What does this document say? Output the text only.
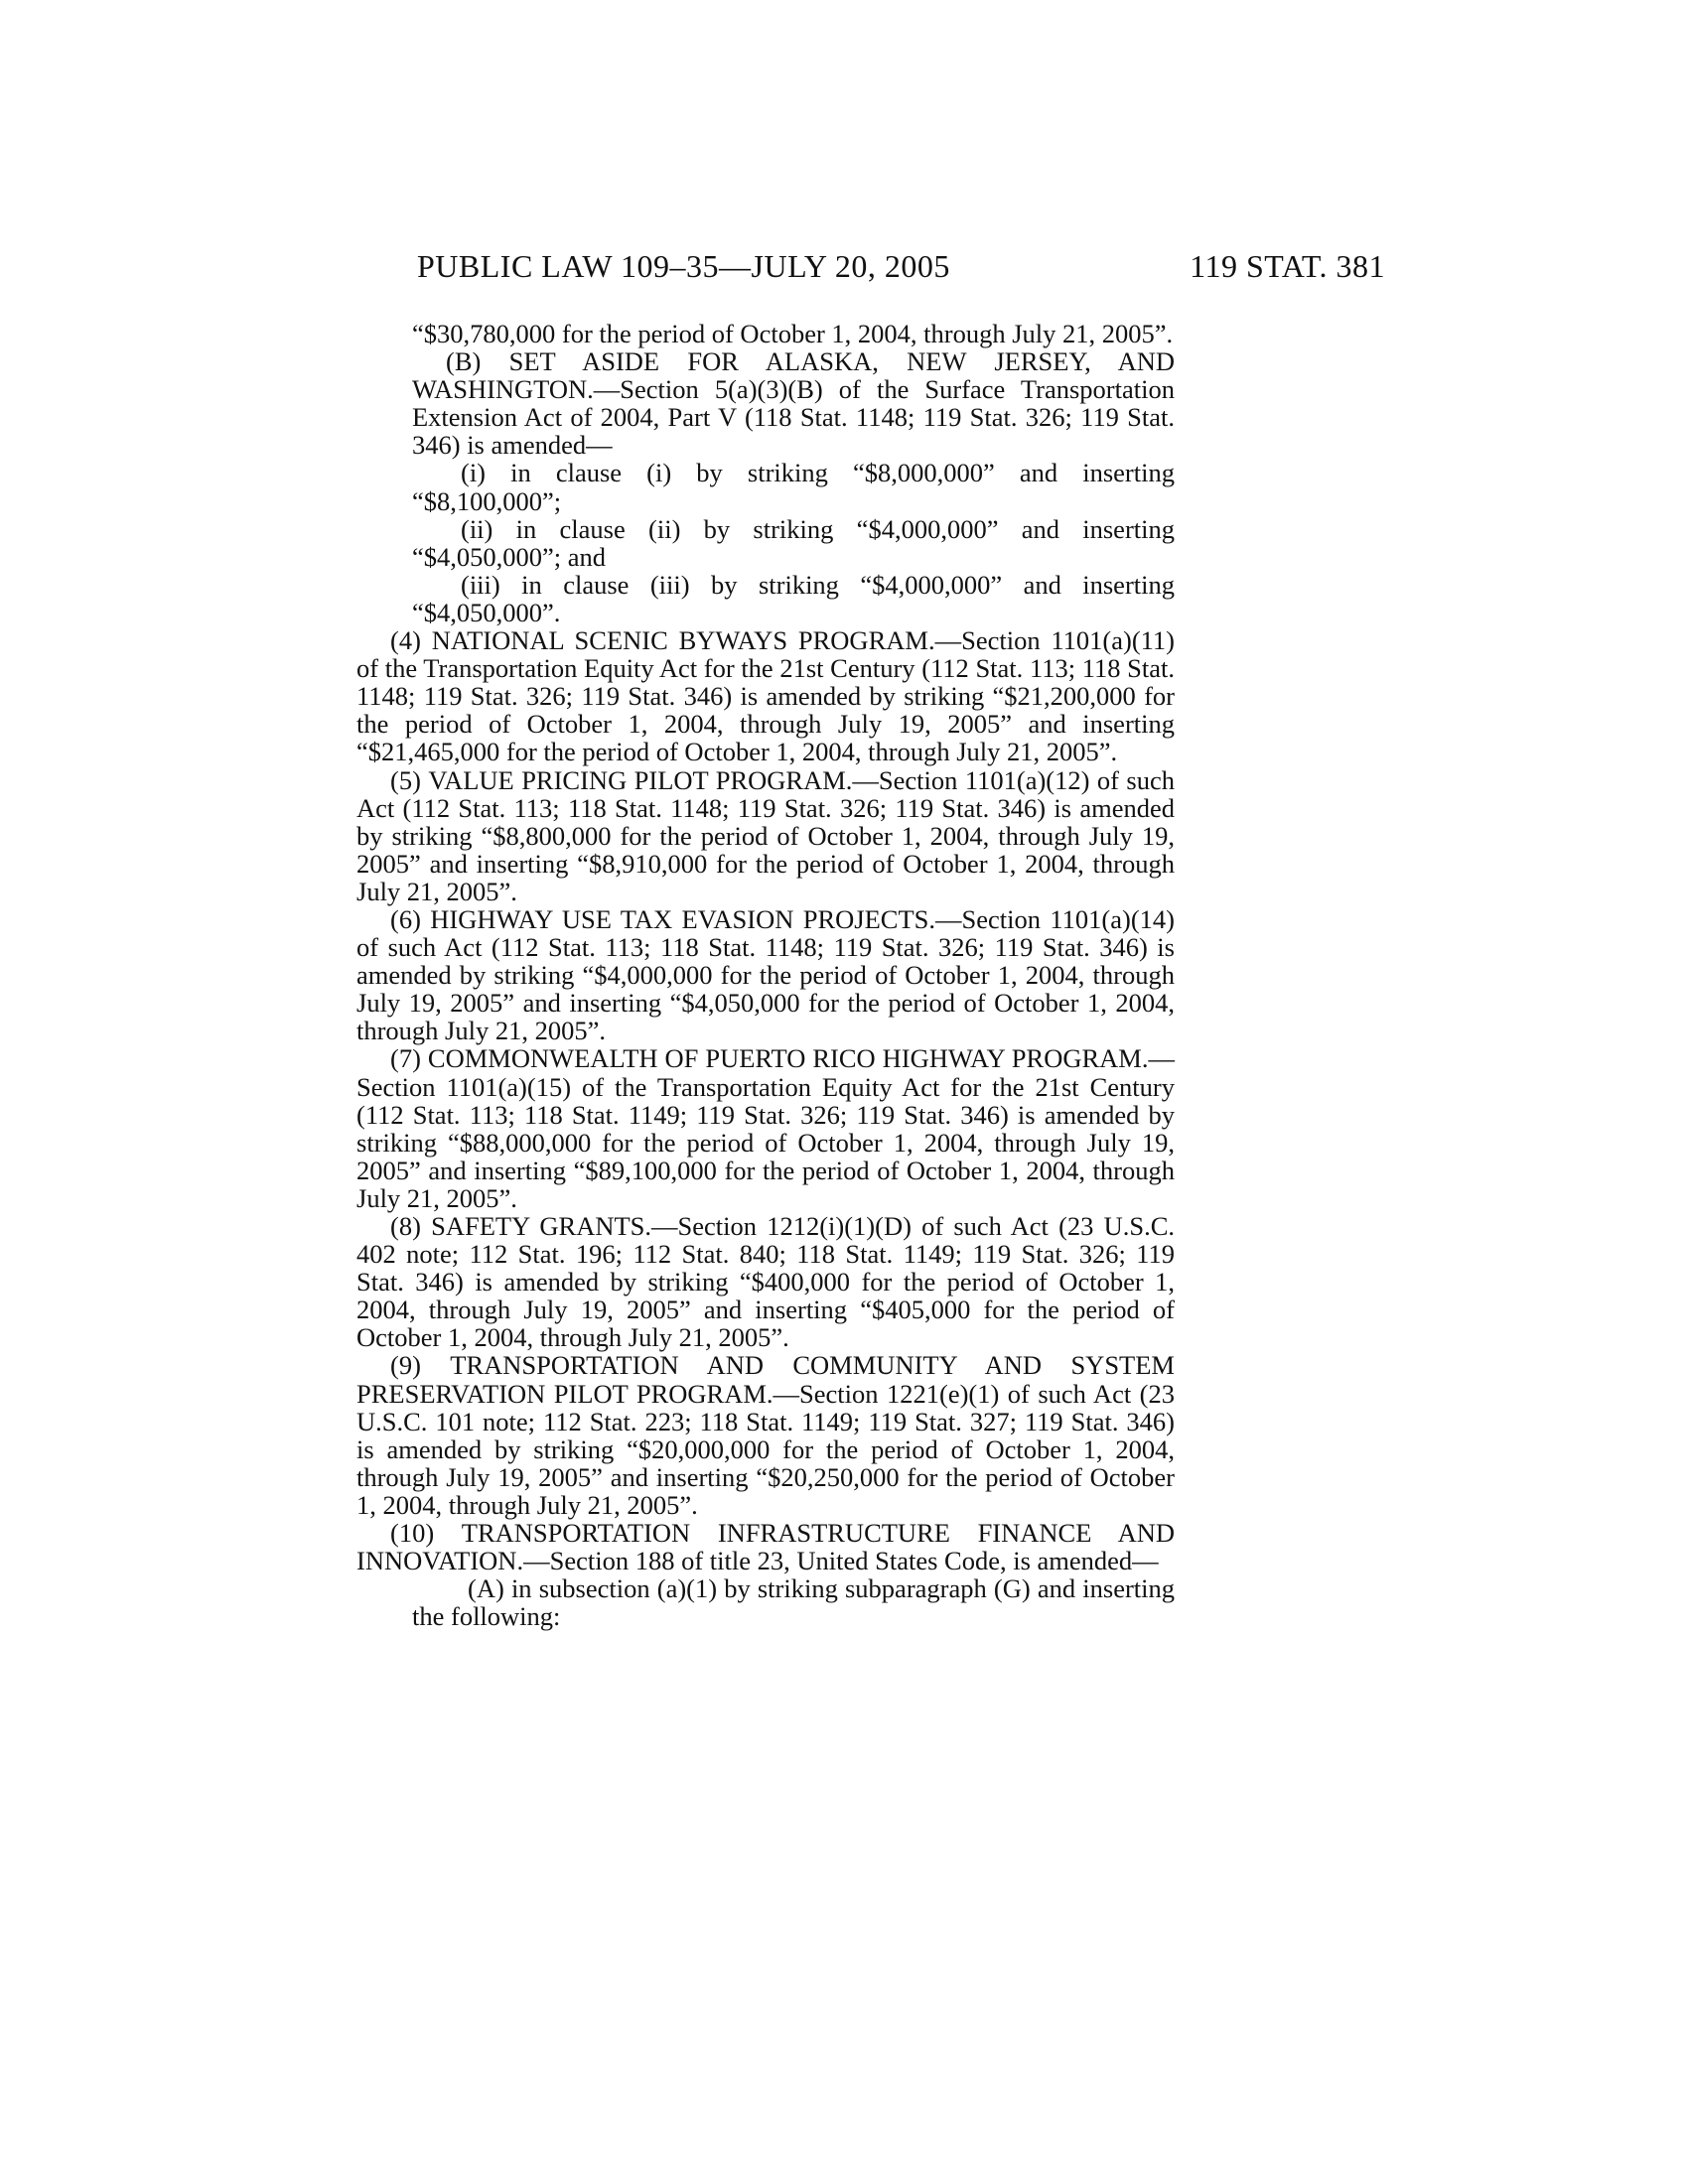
PUBLIC LAW 109–35—JULY 20, 2005	119 STAT. 381

“$30,780,000 for the period of October 1, 2004, through July 21, 2005”.

(B) SET ASIDE FOR ALASKA, NEW JERSEY, AND WASHINGTON.—Section 5(a)(3)(B) of the Surface Transportation Extension Act of 2004, Part V (118 Stat. 1148; 119 Stat. 326; 119 Stat. 346) is amended—

(i) in clause (i) by striking “$8,000,000” and inserting “$8,100,000”;

(ii) in clause (ii) by striking “$4,000,000” and inserting “$4,050,000”; and

(iii) in clause (iii) by striking “$4,000,000” and inserting “$4,050,000”.

(4) NATIONAL SCENIC BYWAYS PROGRAM.—Section 1101(a)(11) of the Transportation Equity Act for the 21st Century (112 Stat. 113; 118 Stat. 1148; 119 Stat. 326; 119 Stat. 346) is amended by striking “$21,200,000 for the period of October 1, 2004, through July 19, 2005” and inserting “$21,465,000 for the period of October 1, 2004, through July 21, 2005”.

(5) VALUE PRICING PILOT PROGRAM.—Section 1101(a)(12) of such Act (112 Stat. 113; 118 Stat. 1148; 119 Stat. 326; 119 Stat. 346) is amended by striking “$8,800,000 for the period of October 1, 2004, through July 19, 2005” and inserting “$8,910,000 for the period of October 1, 2004, through July 21, 2005”.

(6) HIGHWAY USE TAX EVASION PROJECTS.—Section 1101(a)(14) of such Act (112 Stat. 113; 118 Stat. 1148; 119 Stat. 326; 119 Stat. 346) is amended by striking “$4,000,000 for the period of October 1, 2004, through July 19, 2005” and inserting “$4,050,000 for the period of October 1, 2004, through July 21, 2005”.

(7) COMMONWEALTH OF PUERTO RICO HIGHWAY PROGRAM.—Section 1101(a)(15) of the Transportation Equity Act for the 21st Century (112 Stat. 113; 118 Stat. 1149; 119 Stat. 326; 119 Stat. 346) is amended by striking “$88,000,000 for the period of October 1, 2004, through July 19, 2005” and inserting “$89,100,000 for the period of October 1, 2004, through July 21, 2005”.

(8) SAFETY GRANTS.—Section 1212(i)(1)(D) of such Act (23 U.S.C. 402 note; 112 Stat. 196; 112 Stat. 840; 118 Stat. 1149; 119 Stat. 326; 119 Stat. 346) is amended by striking “$400,000 for the period of October 1, 2004, through July 19, 2005” and inserting “$405,000 for the period of October 1, 2004, through July 21, 2005”.

(9) TRANSPORTATION AND COMMUNITY AND SYSTEM PRESERVATION PILOT PROGRAM.—Section 1221(e)(1) of such Act (23 U.S.C. 101 note; 112 Stat. 223; 118 Stat. 1149; 119 Stat. 327; 119 Stat. 346) is amended by striking “$20,000,000 for the period of October 1, 2004, through July 19, 2005” and inserting “$20,250,000 for the period of October 1, 2004, through July 21, 2005”.

(10) TRANSPORTATION INFRASTRUCTURE FINANCE AND INNOVATION.—Section 188 of title 23, United States Code, is amended—

(A) in subsection (a)(1) by striking subparagraph (G) and inserting the following:
